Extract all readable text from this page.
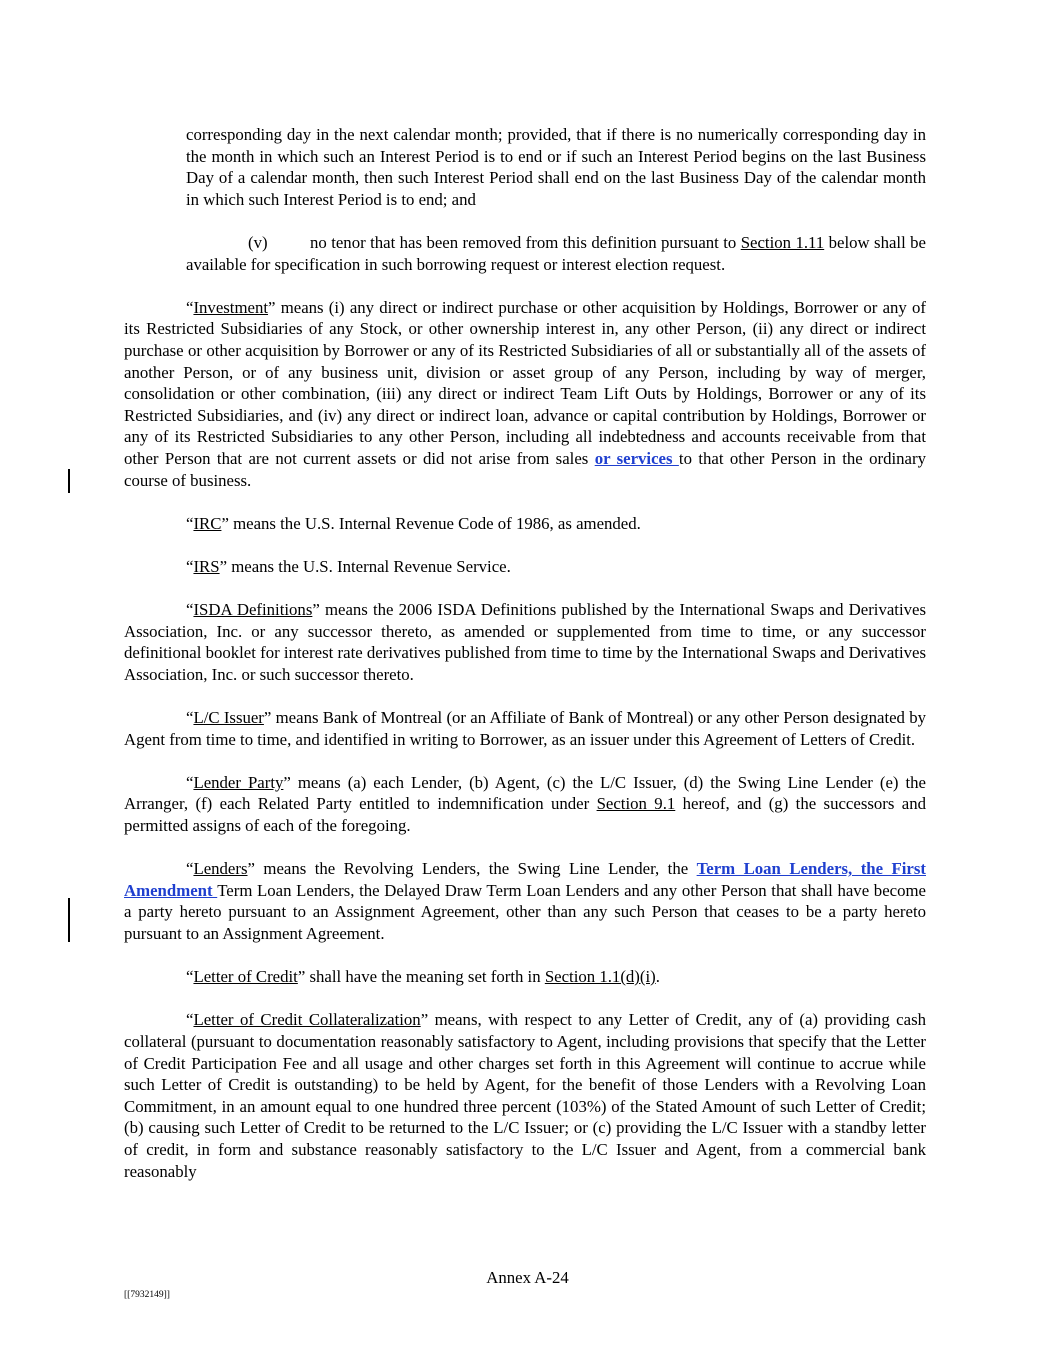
corresponding day in the next calendar month; provided, that if there is no numerically corresponding day in the month in which such an Interest Period is to end or if such an Interest Period begins on the last Business Day of a calendar month, then such Interest Period shall end on the last Business Day of the calendar month in which such Interest Period is to end; and

(v)	no tenor that has been removed from this definition pursuant to Section 1.11 below shall be available for specification in such borrowing request or interest election request.

“Investment” means (i) any direct or indirect purchase or other acquisition by Holdings, Borrower or any of its Restricted Subsidiaries of any Stock, or other ownership interest in, any other Person, (ii) any direct or indirect purchase or other acquisition by Borrower or any of its Restricted Subsidiaries of all or substantially all of the assets of another Person, or of any business unit, division or asset group of any Person, including by way of merger, consolidation or other combination, (iii) any direct or indirect Team Lift Outs by Holdings, Borrower or any of its Restricted Subsidiaries, and (iv) any direct or indirect loan, advance or capital contribution by Holdings, Borrower or any of its Restricted Subsidiaries to any other Person, including all indebtedness and accounts receivable from that other Person that are not current assets or did not arise from sales or services to that other Person in the ordinary course of business.

“IRC” means the U.S. Internal Revenue Code of 1986, as amended.

“IRS” means the U.S. Internal Revenue Service.

“ISDA Definitions” means the 2006 ISDA Definitions published by the International Swaps and Derivatives Association, Inc. or any successor thereto, as amended or supplemented from time to time, or any successor definitional booklet for interest rate derivatives published from time to time by the International Swaps and Derivatives Association, Inc. or such successor thereto.

“L/C Issuer” means Bank of Montreal (or an Affiliate of Bank of Montreal) or any other Person designated by Agent from time to time, and identified in writing to Borrower, as an issuer under this Agreement of Letters of Credit.

“Lender Party” means (a) each Lender, (b) Agent, (c) the L/C Issuer, (d) the Swing Line Lender (e) the Arranger, (f) each Related Party entitled to indemnification under Section 9.1 hereof, and (g) the successors and permitted assigns of each of the foregoing.

“Lenders” means the Revolving Lenders, the Swing Line Lender, the Term Loan Lenders, the First Amendment Term Loan Lenders, the Delayed Draw Term Loan Lenders and any other Person that shall have become a party hereto pursuant to an Assignment Agreement, other than any such Person that ceases to be a party hereto pursuant to an Assignment Agreement.

“Letter of Credit” shall have the meaning set forth in Section 1.1(d)(i).

“Letter of Credit Collateralization” means, with respect to any Letter of Credit, any of (a) providing cash collateral (pursuant to documentation reasonably satisfactory to Agent, including provisions that specify that the Letter of Credit Participation Fee and all usage and other charges set forth in this Agreement will continue to accrue while such Letter of Credit is outstanding) to be held by Agent, for the benefit of those Lenders with a Revolving Loan Commitment, in an amount equal to one hundred three percent (103%) of the Stated Amount of such Letter of Credit; (b) causing such Letter of Credit to be returned to the L/C Issuer; or (c) providing the L/C Issuer with a standby letter of credit, in form and substance reasonably satisfactory to the L/C Issuer and Agent, from a commercial bank reasonably

Annex A-24
[[7932149]]
